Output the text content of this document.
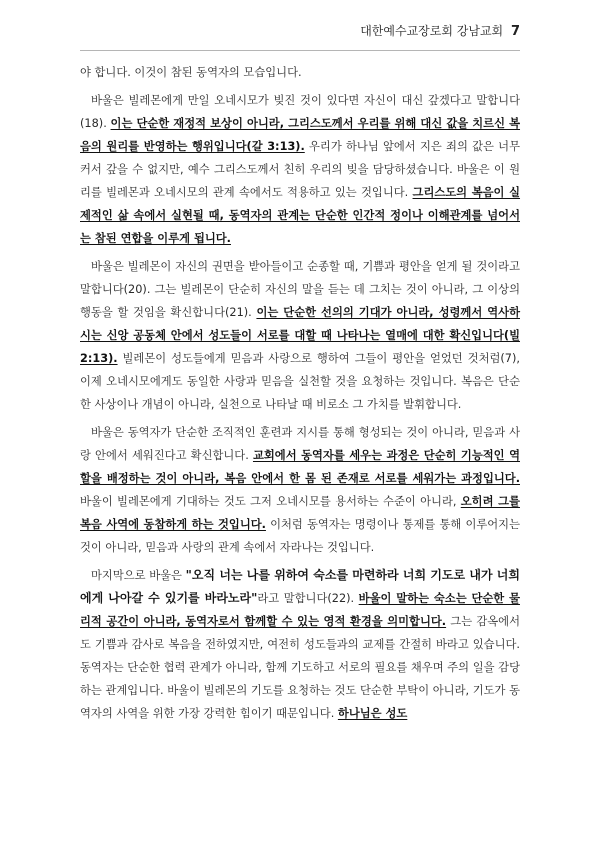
대한예수교장로회 강남교회 7

야 합니다. 이것이 참된 동역자의 모습입니다.

바울은 빌레몬에게 만일 오네시모가 빚진 것이 있다면 자신이 대신 갚겠다고 말합니다(18). 이는 단순한 재정적 보상이 아니라, 그리스도께서 우리를 위해 대신 값을 치르신 복음의 원리를 반영하는 행위입니다(갈 3:13). 우리가 하나님 앞에서 지은 죄의 값은 너무 커서 갚을 수 없지만, 예수 그리스도께서 친히 우리의 빚을 담당하셨습니다. 바울은 이 원리를 빌레몬과 오네시모의 관계 속에서도 적용하고 있는 것입니다. 그리스도의 복음이 실제적인 삶 속에서 실현될 때, 동역자의 관계는 단순한 인간적 정이나 이해관계를 넘어서는 참된 연합을 이루게 됩니다.

바울은 빌레몬이 자신의 권면을 받아들이고 순종할 때, 기쁨과 평안을 얻게 될 것이라고 말합니다(20). 그는 빌레몬이 단순히 자신의 말을 듣는 데 그치는 것이 아니라, 그 이상의 행동을 할 것임을 확신합니다(21). 이는 단순한 선의의 기대가 아니라, 성령께서 역사하시는 신앙 공동체 안에서 성도들이 서로를 대할 때 나타나는 열매에 대한 확신입니다(빌 2:13). 빌레몬이 성도들에게 믿음과 사랑으로 행하여 그들이 평안을 얻었던 것처럼(7), 이제 오네시모에게도 동일한 사랑과 믿음을 실천할 것을 요청하는 것입니다. 복음은 단순한 사상이나 개념이 아니라, 실천으로 나타날 때 비로소 그 가치를 발휘합니다.

바울은 동역자가 단순한 조직적인 훈련과 지시를 통해 형성되는 것이 아니라, 믿음과 사랑 안에서 세워진다고 확신합니다. 교회에서 동역자를 세우는 과정은 단순히 기능적인 역할을 배정하는 것이 아니라, 복음 안에서 한 몸 된 존재로 서로를 세워가는 과정입니다. 바울이 빌레몬에게 기대하는 것도 그저 오네시모를 용서하는 수준이 아니라, 오히려 그를 복음 사역에 동참하게 하는 것입니다. 이처럼 동역자는 명령이나 통제를 통해 이루어지는 것이 아니라, 믿음과 사랑의 관계 속에서 자라나는 것입니다.

마지막으로 바울은 "오직 너는 나를 위하여 숙소를 마련하라 너희 기도로 내가 너희에게 나아갈 수 있기를 바라노라"라고 말합니다(22). 바울이 말하는 숙소는 단순한 물리적 공간이 아니라, 동역자로서 함께할 수 있는 영적 환경을 의미합니다. 그는 감옥에서도 기쁨과 감사로 복음을 전하였지만, 여전히 성도들과의 교제를 간절히 바라고 있습니다. 동역자는 단순한 협력 관계가 아니라, 함께 기도하고 서로의 필요를 채우며 주의 일을 감당하는 관계입니다. 바울이 빌레몬의 기도를 요청하는 것도 단순한 부탁이 아니라, 기도가 동역자의 사역을 위한 가장 강력한 힘이기 때문입니다. 하나님은 성도
